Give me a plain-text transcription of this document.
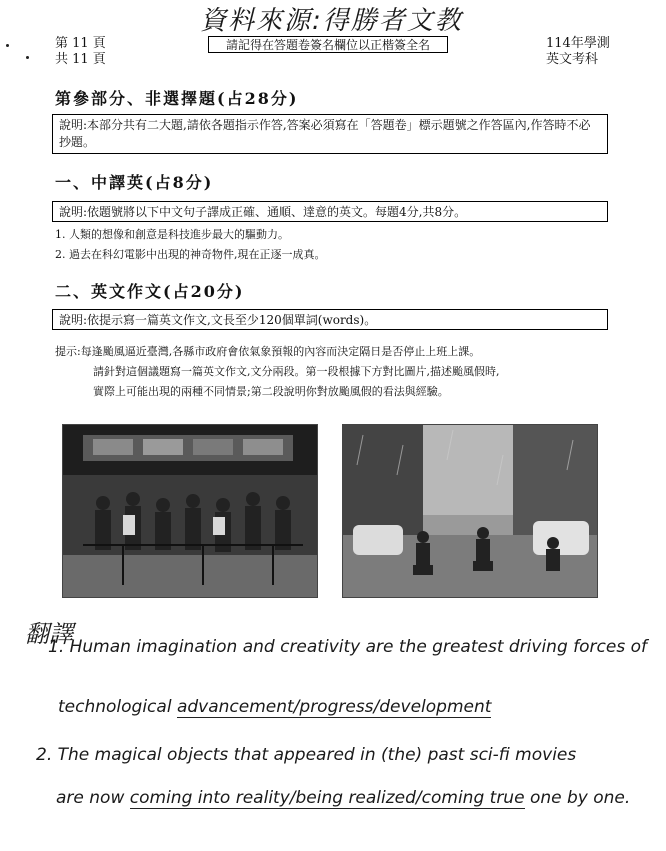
資料來源:得勝者文教
第 11 頁
共 11 頁
請記得在答題卷簽名欄位以正楷簽全名	114年學測
英文考科
第參部分、非選擇題(占28分)
說明:本部分共有二大題,請依各題指示作答,答案必須寫在「答題卷」標示題號之作答區內,作答時不必抄題。
一、中譯英(占8分)
說明:依題號將以下中文句子譯成正確、通順、達意的英文。每題4分,共8分。
1. 人類的想像和創意是科技進步最大的驅動力。
2. 過去在科幻電影中出現的神奇物件,現在正逐一成真。
二、英文作文(占20分)
說明:依提示寫一篇英文作文,文長至少120個單詞(words)。
提示:每逢颱風逼近臺灣,各縣市政府會依氣象預報的內容而決定隔日是否停止上班上課。
請針對這個議題寫一篇英文作文,文分兩段。第一段根據下方對比圖片,描述颱風假時,
實際上可能出現的兩種不同情景;第二段說明你對放颱風假的看法與經驗。
翻譯
1. Human imagination and creativity are the greatest driving forces of
technological advancement/progress/development
2. The magical objects that appeared in (the) past sci-fi movies
are now coming into reality/being realized/coming true one by one.
